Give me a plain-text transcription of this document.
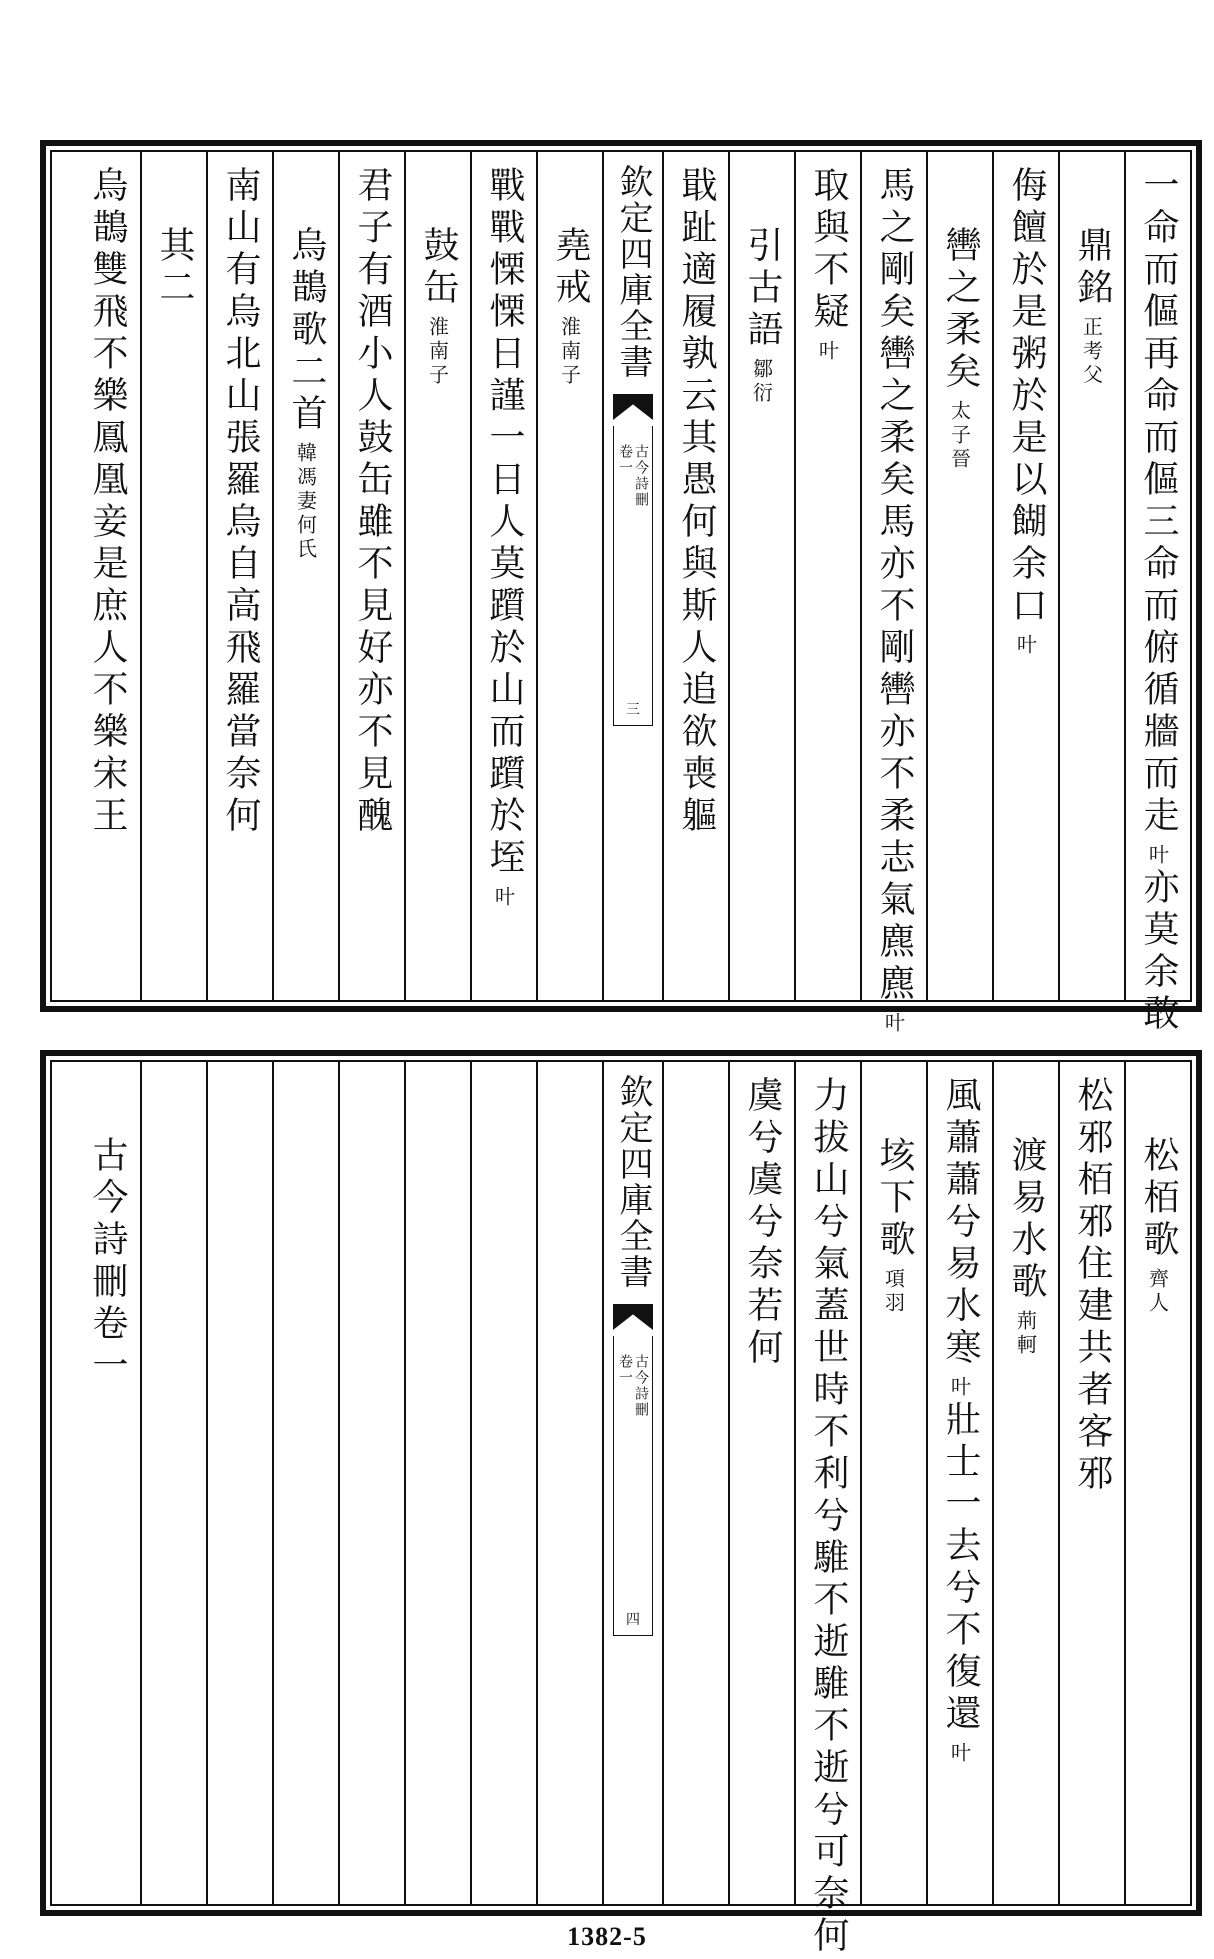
一命而傴再命而傴三命而俯循牆而走
叶
亦莫余敢
鼎銘
正考父
侮饘於是粥於是以餬余口
叶
轡之柔矣
太子晉
馬之剛矣轡之柔矣馬亦不剛轡亦不柔志氣麃麃
叶
取與不疑
叶
引古語
鄒衍
戢趾適履孰云其愚何與斯人追欲喪軀
欽定四庫全書
古今詩刪
卷一
三
堯戒
淮南子
戰戰慄慄日謹一日人莫躓於山而躓於垤
叶
鼓缶
淮南子
君子有酒小人鼓缶雖不見好亦不見醜
烏鵲歌二首
韓馮妻何氏
南山有烏北山張羅烏自高飛羅當奈何
其二
烏鵲雙飛不樂鳳凰妾是庶人不樂宋王
松栢歌
齊人
松邪栢邪住建共者客邪
渡易水歌
荊軻
風蕭蕭兮易水寒
叶
壯士一去兮不復還
叶
垓下歌
項羽
力拔山兮氣蓋世時不利兮騅不逝騅不逝兮可奈何
虞兮虞兮奈若何
欽定四庫全書
古今詩刪
卷一
四
古今詩刪卷一
1382-5
